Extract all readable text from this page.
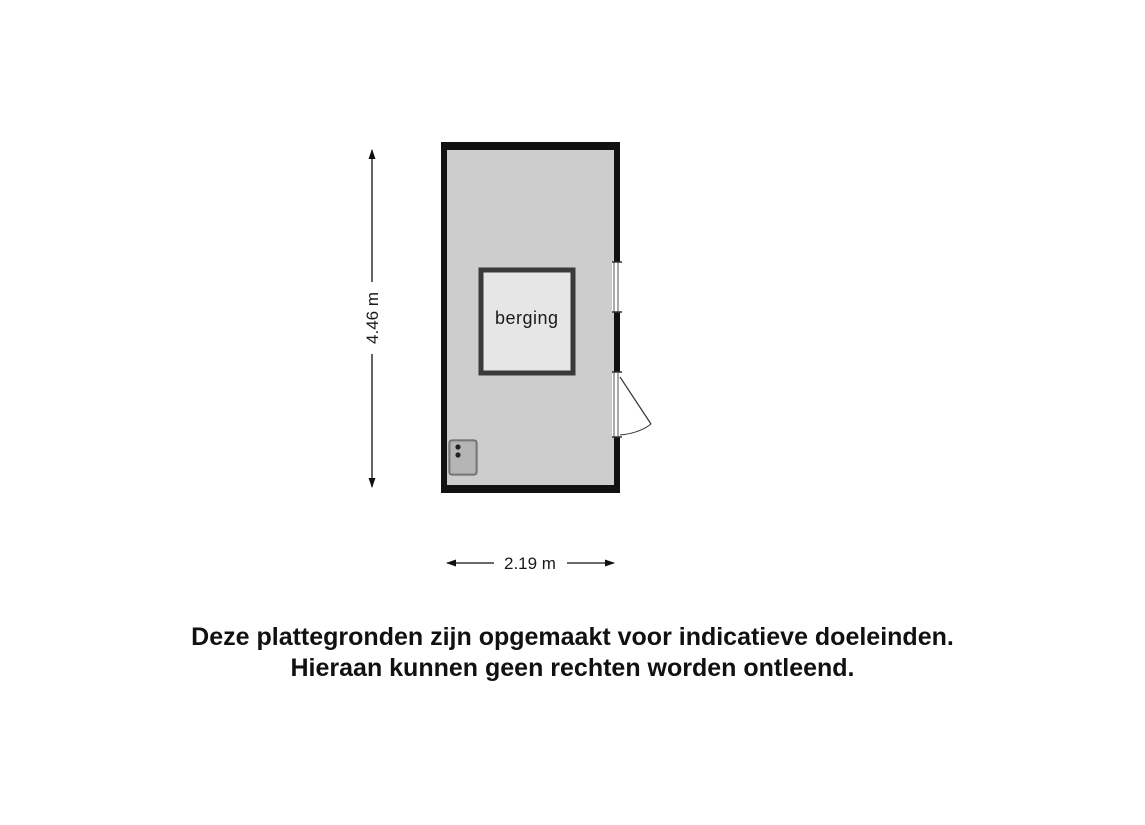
berging
4.46 m
2.19 m
Deze plattegronden zijn opgemaakt voor indicatieve doeleinden.
Hieraan kunnen geen rechten worden ontleend.
